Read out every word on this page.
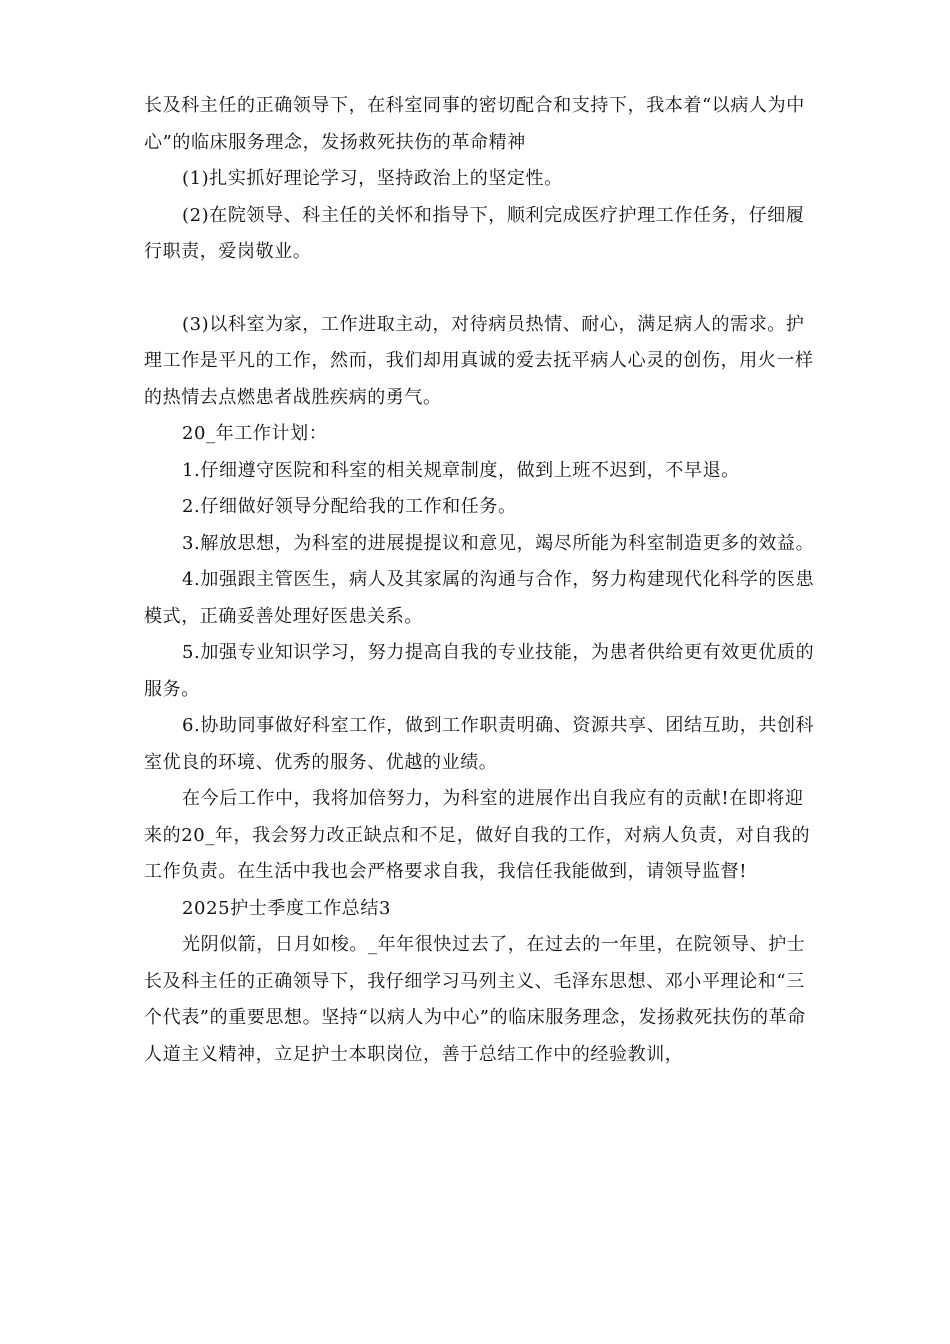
长及科主任的正确领导下，在科室同事的密切配合和支持下，我本着“以病人为中心”的临床服务理念，发扬救死扶伤的革命精神

(1)扎实抓好理论学习，坚持政治上的坚定性。

(2)在院领导、科主任的关怀和指导下，顺利完成医疗护理工作任务，仔细履行职责，爱岗敬业。

(3)以科室为家，工作进取主动，对待病员热情、耐心，满足病人的需求。护理工作是平凡的工作，然而，我们却用真诚的爱去抚平病人心灵的创伤，用火一样的热情去点燃患者战胜疾病的勇气。

20_年工作计划：

1.仔细遵守医院和科室的相关规章制度，做到上班不迟到，不早退。

2.仔细做好领导分配给我的工作和任务。

3.解放思想，为科室的进展提提议和意见，竭尽所能为科室制造更多的效益。

4.加强跟主管医生，病人及其家属的沟通与合作，努力构建现代化科学的医患模式，正确妥善处理好医患关系。

5.加强专业知识学习，努力提高自我的专业技能，为患者供给更有效更优质的服务。

6.协助同事做好科室工作，做到工作职责明确、资源共享、团结互助，共创科室优良的环境、优秀的服务、优越的业绩。

在今后工作中，我将加倍努力，为科室的进展作出自我应有的贡献!在即将迎来的20_年，我会努力改正缺点和不足，做好自我的工作，对病人负责，对自我的工作负责。在生活中我也会严格要求自我，我信任我能做到，请领导监督!

2025护士季度工作总结3

光阴似箭，日月如梭。_年年很快过去了，在过去的一年里，在院领导、护士长及科主任的正确领导下，我仔细学习马列主义、毛泽东思想、邓小平理论和“三个代表”的重要思想。坚持“以病人为中心”的临床服务理念，发扬救死扶伤的革命人道主义精神，立足护士本职岗位，善于总结工作中的经验教训，
